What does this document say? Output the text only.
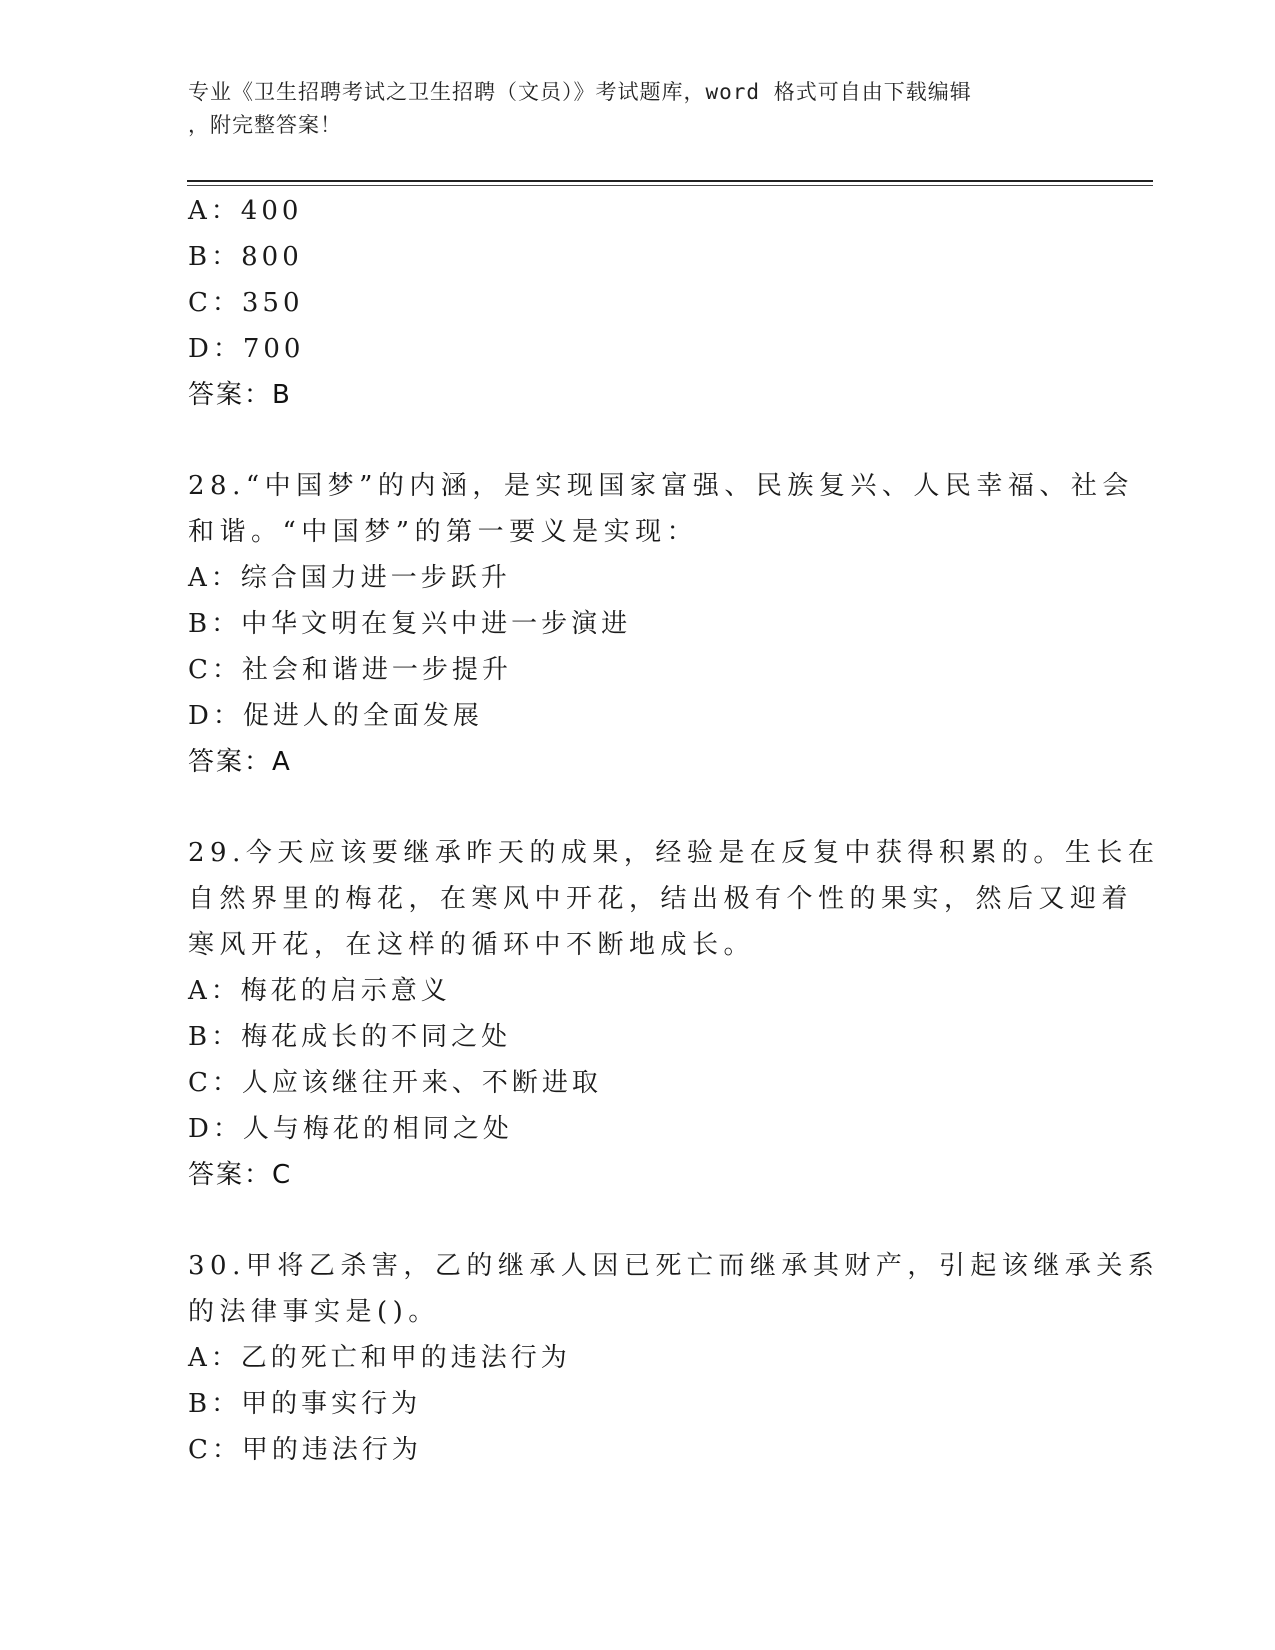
专业《卫生招聘考试之卫生招聘（文员）》考试题库，word 格式可自由下载编辑
，附完整答案！
A：400
B：800
C：350
D：700
答案：B
28.“中国梦”的内涵，是实现国家富强、民族复兴、人民幸福、社会
和谐。“中国梦”的第一要义是实现：
A：综合国力进一步跃升
B：中华文明在复兴中进一步演进
C：社会和谐进一步提升
D：促进人的全面发展
答案：A
29.今天应该要继承昨天的成果，经验是在反复中获得积累的。生长在
自然界里的梅花，在寒风中开花，结出极有个性的果实，然后又迎着
寒风开花，在这样的循环中不断地成长。
A：梅花的启示意义
B：梅花成长的不同之处
C：人应该继往开来、不断进取
D：人与梅花的相同之处
答案：C
30.甲将乙杀害，乙的继承人因已死亡而继承其财产，引起该继承关系
的法律事实是()。
A：乙的死亡和甲的违法行为
B：甲的事实行为
C：甲的违法行为
